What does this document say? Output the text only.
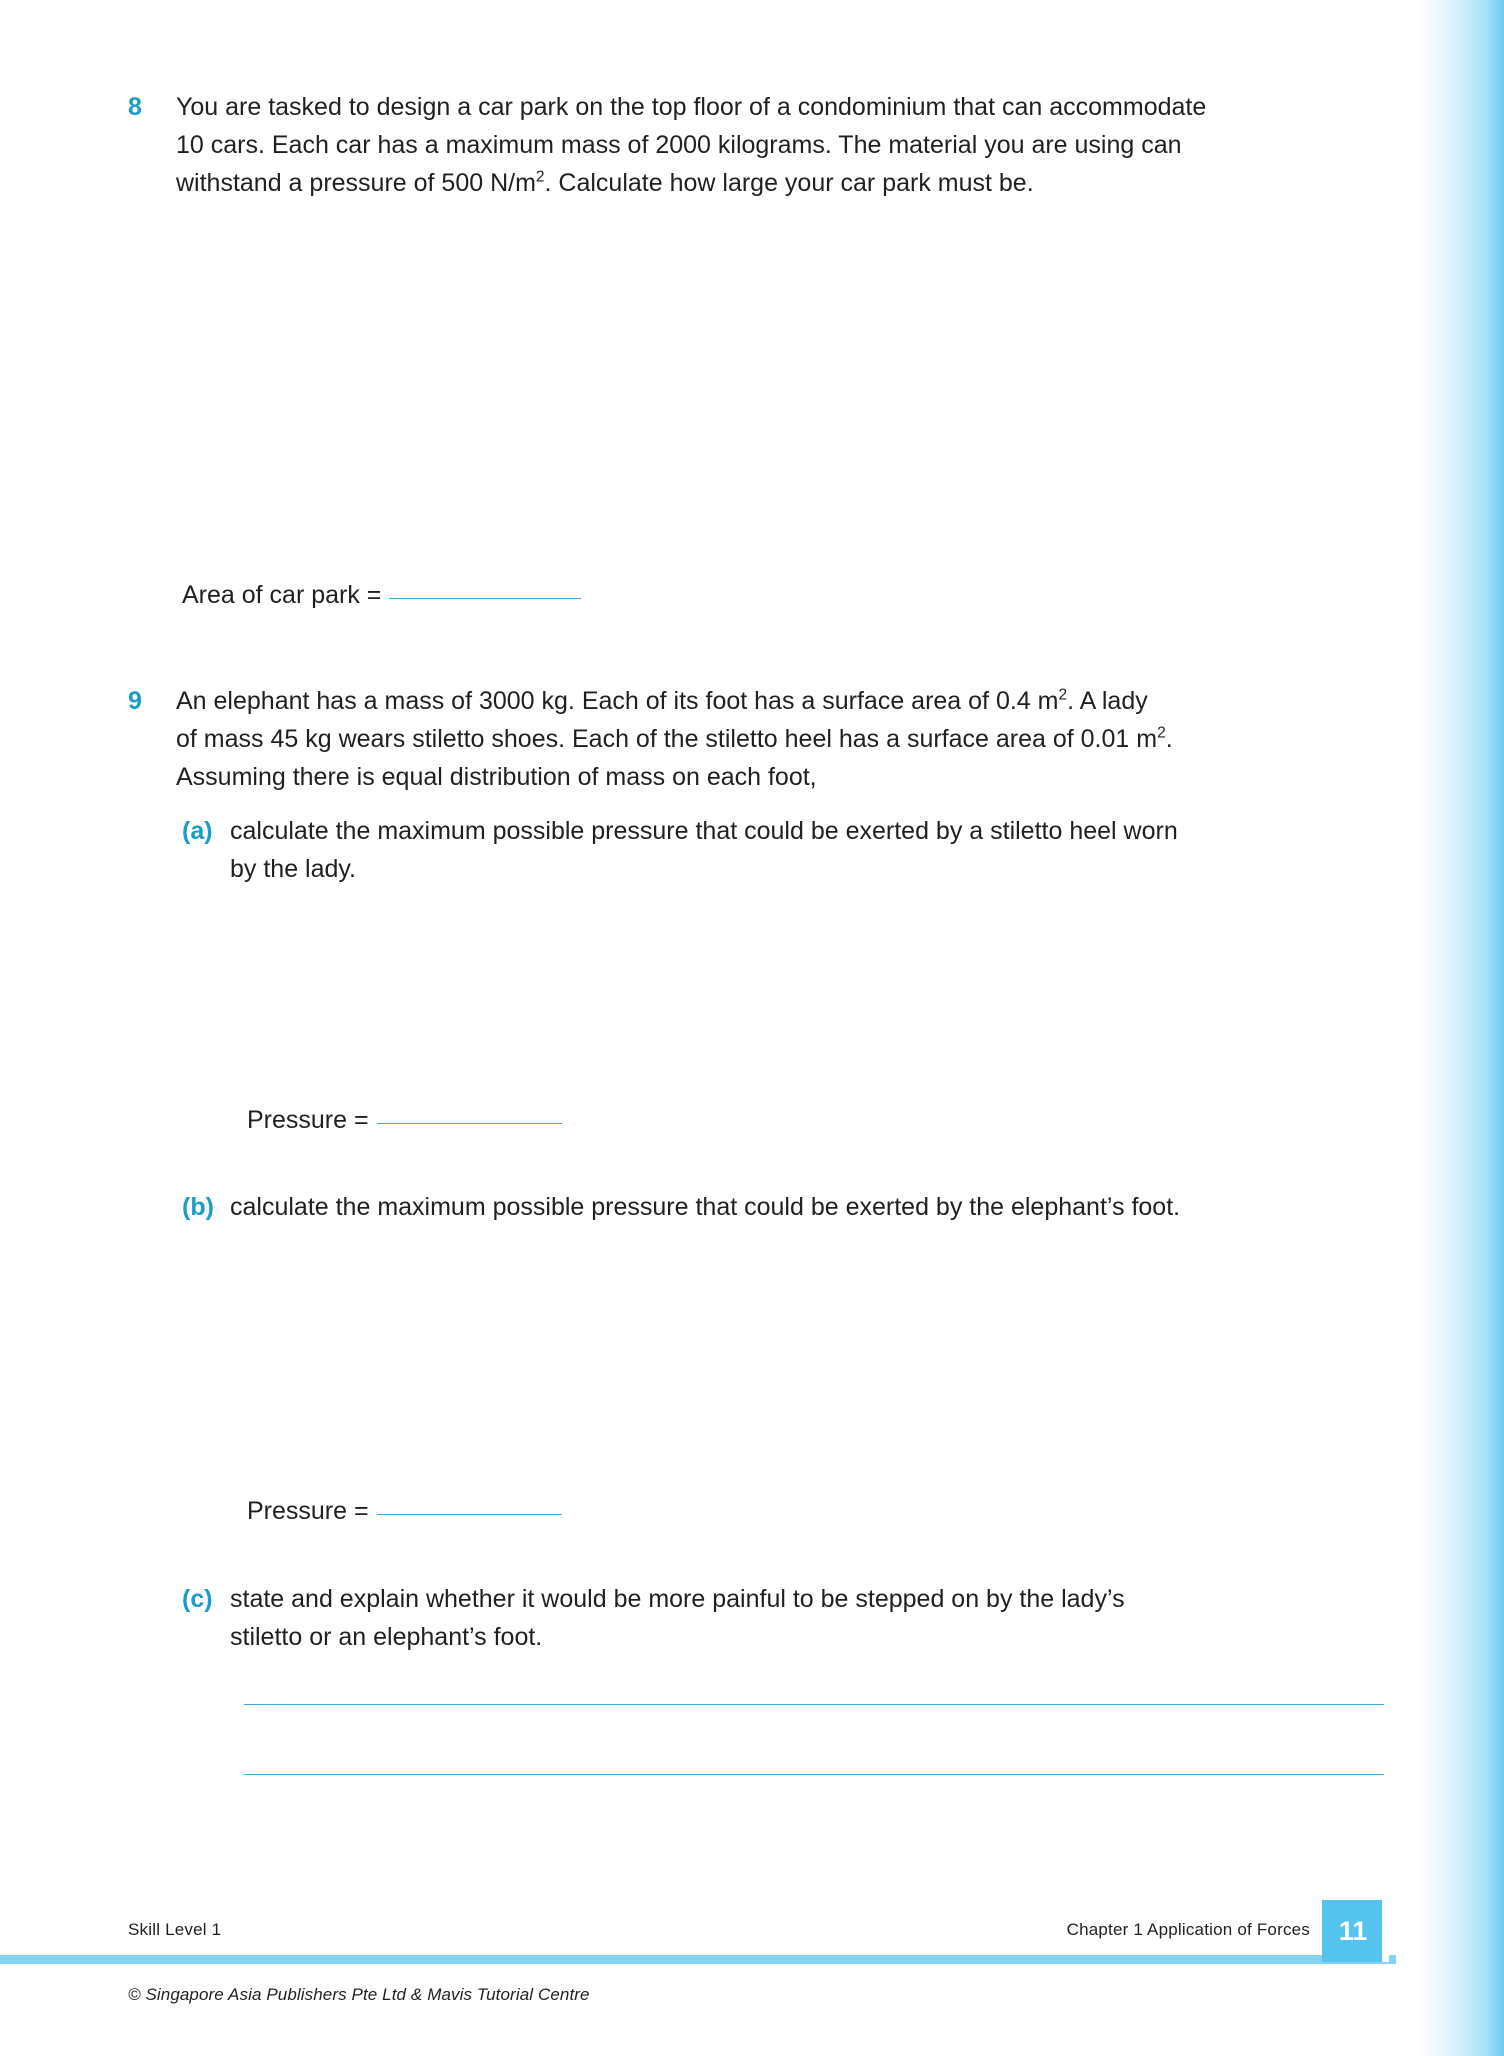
8	You are tasked to design a car park on the top floor of a condominium that can accommodate
10 cars. Each car has a maximum mass of 2000 kilograms. The material you are using can
withstand a pressure of 500 $N/m^2$. Calculate how large your car park must be.
Area of car park =
9	An elephant has a mass of 3000 kg. Each of its foot has a surface area of 0.4 $m^2$. A lady
of mass 45 kg wears stiletto shoes. Each of the stiletto heel has a surface area of 0.01 $m^2$.
Assuming there is equal distribution of mass on each foot,
(a) calculate the maximum possible pressure that could be exerted by a stiletto heel worn
by the lady.
Pressure =
(b) calculate the maximum possible pressure that could be exerted by the elephant’s foot.
Pressure =
(c) state and explain whether it would be more painful to be stepped on by the lady’s
stiletto or an elephant’s foot.
Skill Level 1	Chapter 1 Application of Forces	11
© Singapore Asia Publishers Pte Ltd & Mavis Tutorial Centre
